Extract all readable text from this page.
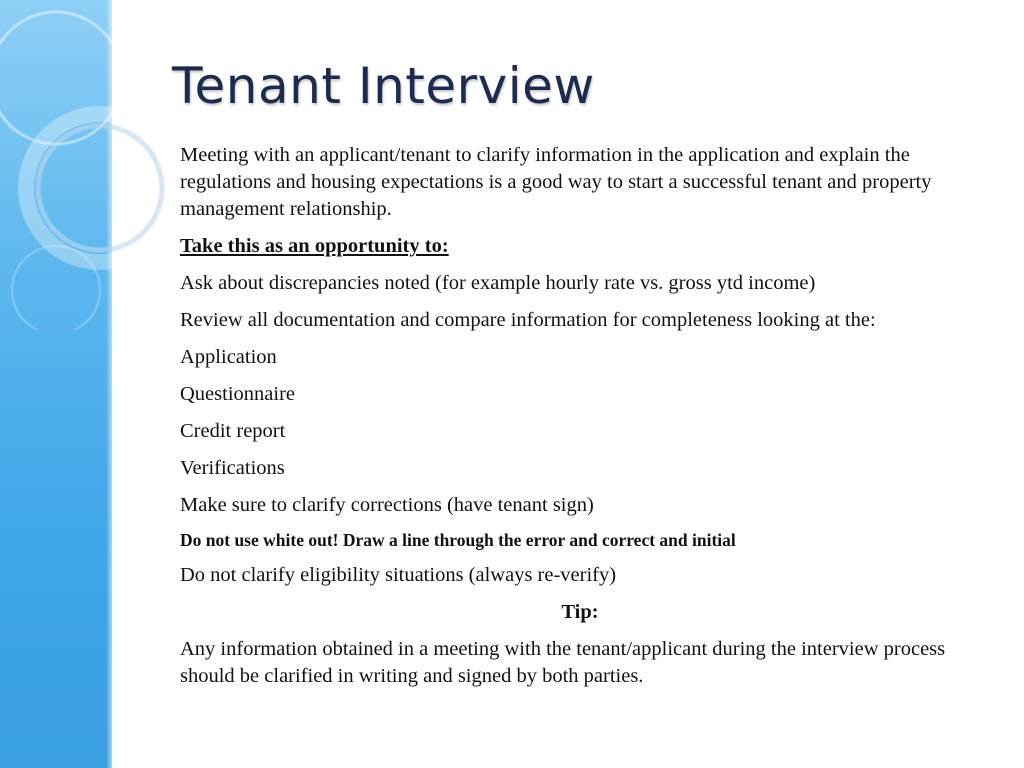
Tenant Interview

Meeting with an applicant/tenant to clarify information in the application and explain the regulations and housing expectations is a good way to start a successful tenant and property management relationship.

Take this as an opportunity to:

Ask about discrepancies noted (for example hourly rate vs. gross ytd income)

Review all documentation and compare information for completeness looking at the:

Application

Questionnaire

Credit report

Verifications

Make sure to clarify corrections (have tenant sign)

Do not use white out! Draw a line through the error and correct and initial

Do not clarify eligibility situations (always re-verify)

Tip:

Any information obtained in a meeting with the tenant/applicant during the interview process should be clarified in writing and signed by both parties.
